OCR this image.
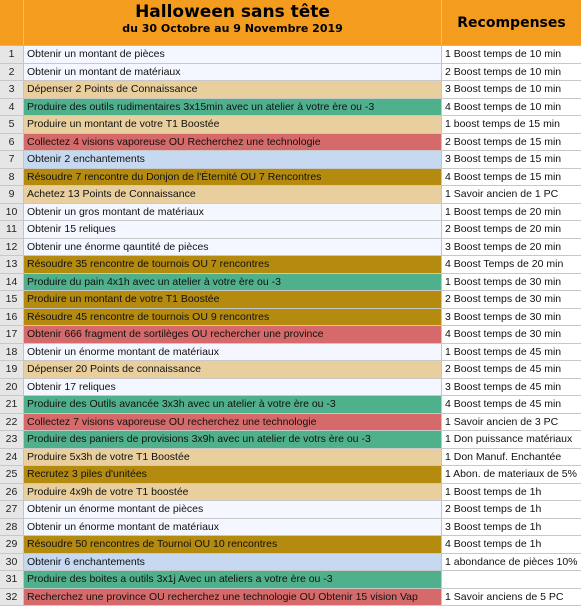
Halloween sans tête
du 30 Octobre au 9 Novembre 2019	Recompenses
1	Obtenir un montant de pièces	1 Boost temps de 10 min
2	Obtenir un montant de matériaux	2 Boost temps de 10 min
3	Dépenser 2 Points de Connaissance	3 Boost temps de 10 min
4	Produire des outils rudimentaires 3x15min avec un atelier à votre ère ou -3	4 Boost temps de 10 min
5	Produire un montant de votre T1 Boostée	1 boost temps de 15 min
6	Collectez 4 visions vaporeuse OU Recherchez une technologie	2 Boost temps de 15 min
7	Obtenir 2 enchantements	3 Boost temps de 15 min
8	Résoudre 7 rencontre du Donjon de l'Éternité OU 7 Rencontres	4 Boost temps de 15 min
9	Achetez 13 Points de Connaissance	1 Savoir ancien de 1 PC
10 Obtenir un gros montant de matériaux	1 Boost temps de 20 min
11 Obtenir 15 reliques	2 Boost temps de 20 min
12 Obtenir une énorme qauntité de pièces	3 Boost temps de 20 min
13 Résoudre 35 rencontre de tournois OU 7 rencontres	4 Boost Temps de 20 min
14 Produire du pain 4x1h avec un atelier à votre ère ou -3	1 Boost temps de 30 min
15 Produire un montant de votre T1 Boostée	2 Boost temps de 30 min
16 Résoudre 45 rencontre de tournois OU 9 rencontres	3 Boost temps de 30 min
17 Obtenir 666 fragment de sortilèges OU rechercher une province	4 Boost temps de 30 min
18 Obtenir un énorme montant de matériaux	1 Boost temps de 45 min
19 Dépenser 20 Points de connaissance	2 Boost temps de 45 min
20 Obtenir 17 reliques	3 Boost temps de 45 min
21 Produire des Outils avancée 3x3h avec un atelier à votre ère ou -3	4 Boost temps de 45 min
22 Collectez 7 visions vaporeuse OU recherchez une technologie	1 Savoir ancien de 3 PC
23 Produire des paniers de provisions 3x9h avec un atelier de votrs ère ou -3	1 Don puissance matériaux
24 Produire 5x3h de votre T1 Boostée	1 Don Manuf. Enchantée
25 Recrutez 3 piles d'unitées	1 Abon. de materiaux de 5%
26 Produire 4x9h de votre T1 boostée	1 Boost temps de 1h
27 Obtenir un énorme montant de pièces	2 Boost temps de 1h
28 Obtenir un énorme montant de matériaux	3 Boost temps de 1h
29 Résoudre 50 rencontres de Tournoi OU 10 rencontres	4 Boost temps de 1h
30 Obtenir 6 enchantements	1 abondance de pièces 10%
31 Produire des boites a outils 3x1j Avec un ateliers a votre ère ou -3
32 Recherchez une province OU recherchez une technologie OU Obtenir 15 vision Vap	1 Savoir anciens de 5 PC
